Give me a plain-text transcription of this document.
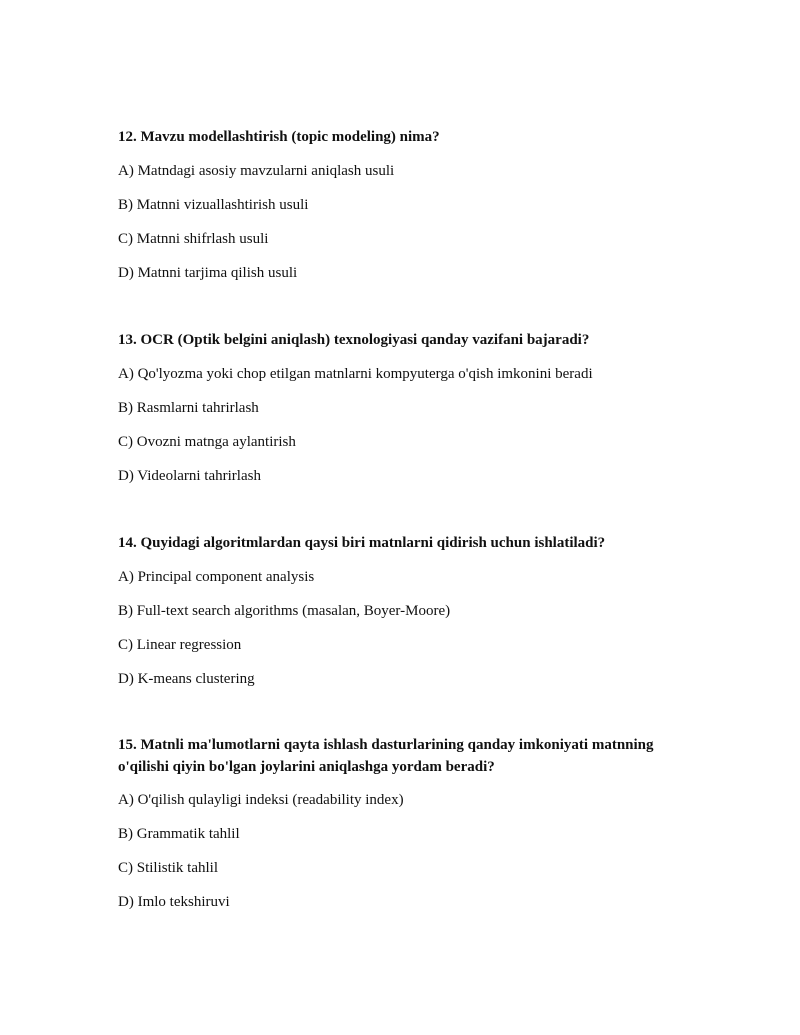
12. Mavzu modellashtirish (topic modeling) nima?

A) Matndagi asosiy mavzularni aniqlash usuli

B) Matnni vizuallashtirish usuli

C) Matnni shifrlash usuli

D) Matnni tarjima qilish usuli

13. OCR (Optik belgini aniqlash) texnologiyasi qanday vazifani bajaradi?

A) Qo'lyozma yoki chop etilgan matnlarni kompyuterga o'qish imkonini beradi

B) Rasmlarni tahrirlash

C) Ovozni matnga aylantirish

D) Videolarni tahrirlash

14. Quyidagi algoritmlardan qaysi biri matnlarni qidirish uchun ishlatiladi?

A) Principal component analysis

B) Full-text search algorithms (masalan, Boyer-Moore)

C) Linear regression

D) K-means clustering

15. Matnli ma'lumotlarni qayta ishlash dasturlarining qanday imkoniyati matnning o'qilishi qiyin bo'lgan joylarini aniqlashga yordam beradi?

A) O'qilish qulayligi indeksi (readability index)

B) Grammatik tahlil

C) Stilistik tahlil

D) Imlo tekshiruvi
